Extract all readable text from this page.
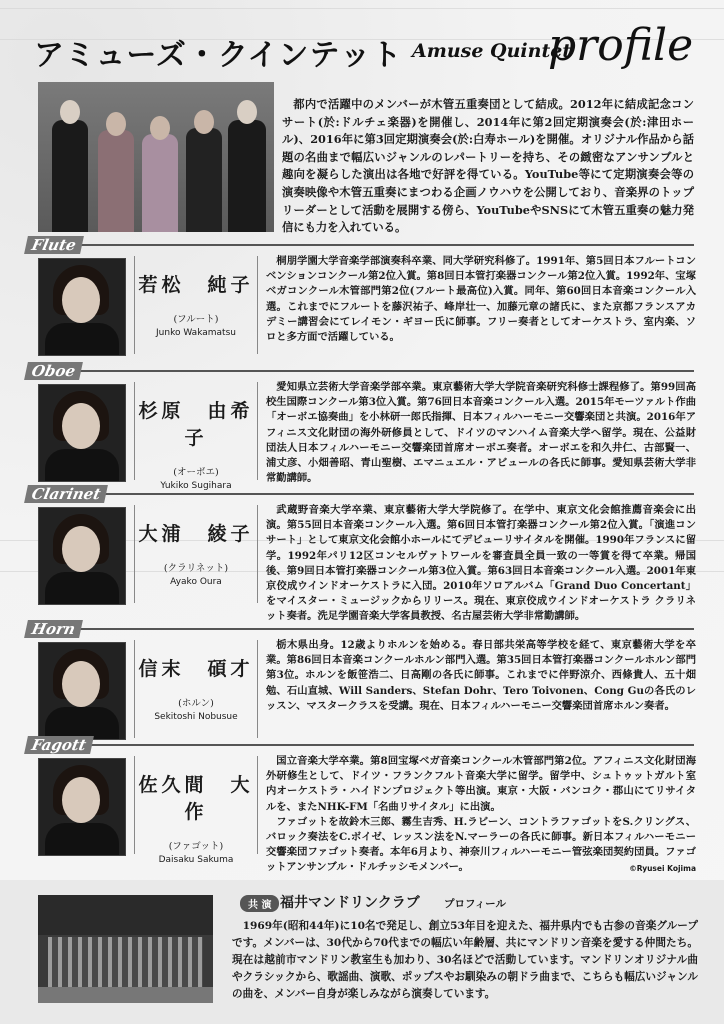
アミューズ・クインテット Amuse Quintet
profile
都内で活躍中のメンバーが木管五重奏団として結成。2012年に結成記念コンサート(於:ドルチェ楽器)を開催し、2014年に第2回定期演奏会(於:津田ホール)、2016年に第3回定期演奏会(於:白寿ホール)を開催。オリジナル作品から話題の名曲まで幅広いジャンルのレパートリーを持ち、その緻密なアンサンブルと趣向を凝らした演出は各地で好評を得ている。YouTube等にて定期演奏会等の演奏映像や木管五重奏にまつわる企画ノウハウを公開しており、音楽界のトップリーダーとして活動を展開する傍ら、YouTubeやSNSにて木管五重奏の魅力発信にも力を入れている。
Flute
若松　純子
(フルート)
Junko Wakamatsu
桐朋学園大学音楽学部演奏科卒業、同大学研究科修了。1991年、第5回日本フルートコンベンションコンクール第2位入賞。第8回日本管打楽器コンクール第2位入賞。1992年、宝塚ベガコンクール木管部門第2位(フルート最高位)入賞。同年、第60回日本音楽コンクール入選。これまでにフルートを藤沢祐子、峰岸壮一、加藤元章の諸氏に、また京都フランスアカデミー講習会にてレイモン・ギヨー氏に師事。フリー奏者としてオーケストラ、室内楽、ソロと多方面で活躍している。
Oboe
杉原　由希子
(オーボエ)
Yukiko Sugihara
愛知県立芸術大学音楽学部卒業。東京藝術大学大学院音楽研究科修士課程修了。第99回高校生国際コンクール第3位入賞。第76回日本音楽コンクール入選。2015年モーツァルト作曲「オーボエ協奏曲」を小林研一郎氏指揮、日本フィルハーモニー交響楽団と共演。2016年アフィニス文化財団の海外研修員として、ドイツのマンハイム音楽大学へ留学。現在、公益財団法人日本フィルハーモニー交響楽団首席オーボエ奏者。オーボエを和久井仁、古部賢一、浦丈彦、小畑善昭、青山聖樹、エマニュエル・アビュールの各氏に師事。愛知県芸術大学非常勤講師。
Clarinet
大浦　綾子
(クラリネット)
Ayako Oura
武蔵野音楽大学卒業、東京藝術大学大学院修了。在学中、東京文化会館推薦音楽会に出演。第55回日本音楽コンクール入選。第6回日本管打楽器コンクール第2位入賞。「演進コンサート」として東京文化会館小ホールにてデビューリサイタルを開催。1990年フランスに留学。1992年パリ12区コンセルヴァトワールを審査員全員一致の一等賞を得て卒業。帰国後、第9回日本管打楽器コンクール第3位入賞。第63回日本音楽コンクール入選。2001年東京佼成ウインドオーケストラに入団。2010年ソロアルバム「Grand Duo Concertant」をマイスター・ミュージックからリリース。現在、東京佼成ウインドオーケストラ クラリネット奏者。洗足学園音楽大学客員教授、名古屋芸術大学非常勤講師。
Horn
信末　碩才
(ホルン)
Sekitoshi Nobusue
栃木県出身。12歳よりホルンを始める。春日部共栄高等学校を経て、東京藝術大学を卒業。第86回日本音楽コンクールホルン部門入選。第35回日本管打楽器コンクールホルン部門第3位。ホルンを飯笹浩二、日高剛の各氏に師事。これまでに伴野涼介、西條貴人、五十畑勉、石山直城、Will Sanders、Stefan Dohr、Tero Toivonen、Cong Guの各氏のレッスン、マスタークラスを受講。現在、日本フィルハーモニー交響楽団首席ホルン奏者。
Fagott
佐久間　大作
(ファゴット)
Daisaku Sakuma
国立音楽大学卒業。第8回宝塚ベガ音楽コンクール木管部門第2位。アフィニス文化財団海外研修生として、ドイツ・フランクフルト音楽大学に留学。留学中、シュトゥットガルト室内オーケストラ・ハイドンプロジェクト等出演。東京・大阪・バンコク・郡山にてリサイタルを、またNHK-FM「名曲リサイタル」に出演。
ファゴットを故鈴木三郎、霧生吉秀、H.ラビーン、コントラファゴットをS.クリングス、バロック奏法をC.ボイゼ、レッスン法をN.マーラーの各氏に師事。新日本フィルハーモニー交響楽団ファゴット奏者。本年6月より、神奈川フィルハーモニー管弦楽団契約団員。ファゴットアンサンブル・ドルチッシモメンバー。	©Ryusei Kojima
共 演 福井マンドリンクラブ プロフィール
1969年(昭和44年)に10名で発足し、創立53年目を迎えた、福井県内でも古参の音楽グループです。メンバーは、30代から70代までの幅広い年齢層、共にマンドリン音楽を愛する仲間たち。現在は越前市マンドリン教室生も加わり、30名ほどで活動しています。マンドリンオリジナル曲やクラシックから、歌謡曲、演歌、ポップスやお馴染みの朝ドラ曲まで、こちらも幅広いジャンルの曲を、メンバー自身が楽しみながら演奏しています。
